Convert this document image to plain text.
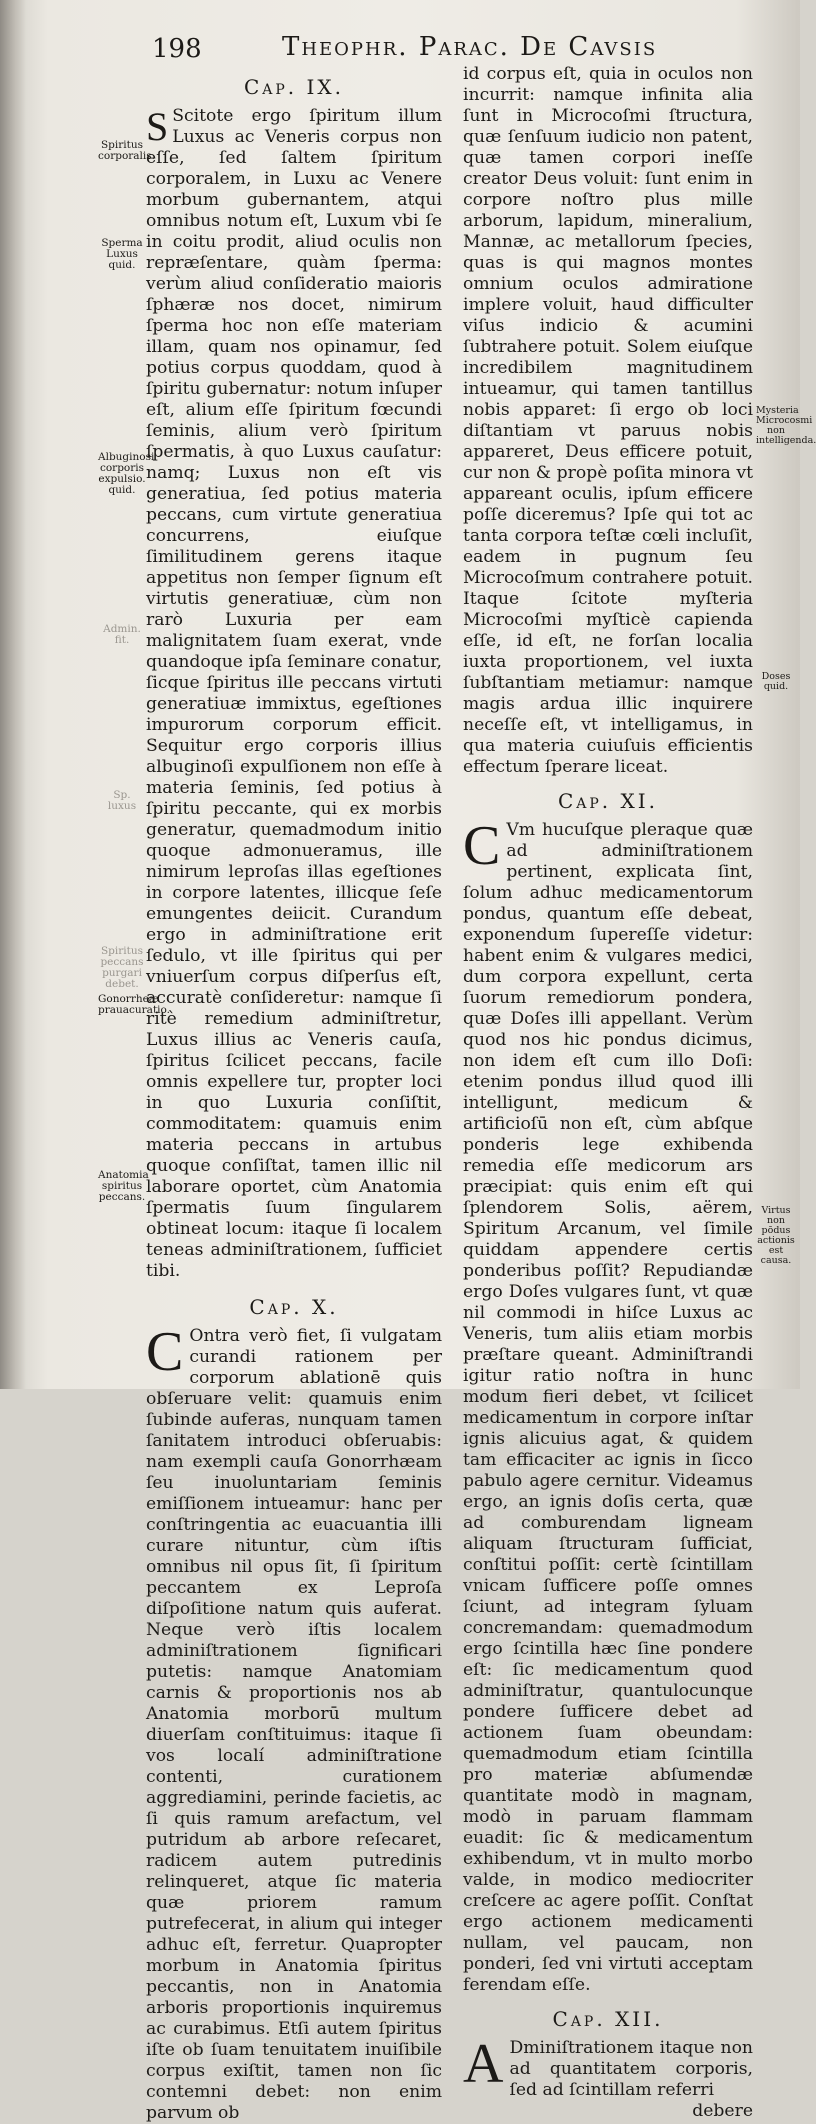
198	Theophr. Parac. De Cavsis
Spiritus corporalis.
Sperma Luxus quid.
Albuginosi corporis expulsio. quid.
Admin. fit.
Sp. luxus
Spiritus peccans purgari debet.
Gonorrheæ prauacuratio.
Anatomia spiritus peccans.
Mysteria Microcosmi non intelligenda.
Doses quid.
Virtus non pōdus actionis est causa.
Cap. IX.

S Scitote ergo ſpiritum illum Luxus ac Veneris corpus non eſſe, ſed ſaltem ſpiritum corporalem, in Luxu ac Venere morbum gubernantem, atqui omnibus notum eſt, Luxum vbi ſe in coitu prodit, aliud oculis non repræſentare, quàm ſperma: verùm aliud conſideratio maioris ſphæræ nos docet, nimirum ſperma hoc non eſſe materiam illam, quam nos opinamur, ſed potius corpus quoddam, quod à ſpiritu gubernatur: notum inſuper eſt, alium eſſe ſpiritum fœcundi ſeminis, alium verò ſpiritum ſpermatis, à quo Luxus cauſatur: namq; Luxus non eſt vis generatiua, ſed potius materia peccans, cum virtute generatiua concurrens, eiuſque ſimilitudinem gerens itaque appetitus non ſemper ſignum eſt virtutis generatiuæ, cùm non rarò Luxuria per eam malignitatem ſuam exerat, vnde quandoque ipſa ſeminare conatur, ſicque ſpiritus ille peccans virtuti generatiuæ immixtus, egeſtiones impurorum corporum efficit. Sequitur ergo corporis illius albuginoſi expulſionem non eſſe à materia ſeminis, ſed potius à ſpiritu peccante, qui ex morbis generatur, quemadmodum initio quoque admonueramus, ille nimirum leproſas illas egeſtiones in corpore latentes, illicque ſeſe emungentes deiicit. Curandum ergo in adminiſtratione erit ſedulo, vt ille ſpiritus qui per vniuerſum corpus diſperſus eſt, accuratè conſideretur: namque ſi ritè remedium adminiſtretur, Luxus illius ac Veneris cauſa, ſpiritus ſcilicet peccans, facile omnis expellere tur, propter loci in quo Luxuria conſiſtit, commoditatem: quamuis enim materia peccans in artubus quoque conſiſtat, tamen illic nil laborare oportet, cùm Anatomia ſpermatis ſuum ſingularem obtineat locum: itaque ſi localem teneas adminiſtrationem, ſufficiet tibi.

Cap. X.

C Ontra verò fiet, ſi vulgatam curandi rationem per corporum ablationē quis obſeruare velit: quamuis enim ſubinde auferas, nunquam tamen ſanitatem introduci obſeruabis: nam exempli cauſa Gonorrhæam ſeu inuoluntariam ſeminis emiſſionem intueamur: hanc per conſtringentia ac euacuantia illi curare nituntur, cùm iſtis omnibus nil opus ſit, ſi ſpiritum peccantem ex Leproſa diſpoſitione natum quis auferat. Neque verò iſtis localem adminiſtrationem ſignificari putetis: namque Anatomiam carnis & proportionis nos ab Anatomia morborū multum diuerſam conſtituimus: itaque ſi vos localí adminiſtratione contenti, curationem aggrediamini, perinde facietis, ac ſi quis ramum arefactum, vel putridum ab arbore reſecaret, radicem autem putredinis relinqueret, atque ſic materia quæ priorem ramum putrefecerat, in alium qui integer adhuc eſt, ferretur. Quapropter morbum in Anatomia ſpiritus peccantis, non in Anatomia arboris proportionis inquiremus ac curabimus. Etſi autem ſpiritus iſte ob ſuam tenuitatem inuiſibile corpus exiſtit, tamen non ſic contemni debet: non enim parvum ob

id corpus eſt, quia in oculos non incurrit: namque infinita alia ſunt in Microcoſmi ſtructura, quæ ſenſuum iudicio non patent, quæ tamen corpori ineſſe creator Deus voluit: ſunt enim in corpore noſtro plus mille arborum, lapidum, mineralium, Mannæ, ac metallorum ſpecies, quas is qui magnos montes omnium oculos admiratione implere voluit, haud difficulter viſus indicio & acumini ſubtrahere potuit. Solem eiuſque incredibilem magnitudinem intueamur, qui tamen tantillus nobis apparet: ſi ergo ob loci diſtantiam vt paruus nobis appareret, Deus efficere potuit, cur non & propè poſita minora vt appareant oculis, ipſum efficere poſſe diceremus? Ipſe qui tot ac tanta corpora teſtæ cœli incluſit, eadem in pugnum ſeu Microcoſmum contrahere potuit. Itaque ſcitote myſteria Microcoſmi myſticè capienda eſſe, id eſt, ne forſan localia iuxta proportionem, vel iuxta ſubſtantiam metiamur: namque magis ardua illic inquirere neceſſe eſt, vt intelligamus, in qua materia cuiuſuis efficientis effectum ſperare liceat.

Cap. XI.

C Vm hucuſque pleraque quæ ad adminiſtrationem pertinent, explicata ſint, ſolum adhuc medicamentorum pondus, quantum eſſe debeat, exponendum ſupereſſe videtur: habent enim & vulgares medici, dum corpora expellunt, certa ſuorum remediorum pondera, quæ Doſes illi appellant. Verùm quod nos hic pondus dicimus, non idem eſt cum illo Doſi: etenim pondus illud quod illi intelligunt, medicum & artificioſū non eſt, cùm abſque ponderis lege exhibenda remedia eſſe medicorum ars præcipiat: quis enim eſt qui ſplendorem Solis, aërem, Spiritum Arcanum, vel ſimile quiddam appendere certis ponderibus poſſit? Repudiandæ ergo Doſes vulgares ſunt, vt quæ nil commodi in hiſce Luxus ac Veneris, tum aliis etiam morbis præſtare queant. Adminiſtrandi igitur ratio noſtra in hunc modum fieri debet, vt ſcilicet medicamentum in corpore inſtar ignis alicuius agat, & quidem tam efficaciter ac ignis in ſicco pabulo agere cernitur. Videamus ergo, an ignis doſis certa, quæ ad comburendam ligneam aliquam ſtructuram ſufficiat, conſtitui poſſit: certè ſcintillam vnicam ſufficere poſſe omnes ſciunt, ad integram ſyluam concremandam: quemadmodum ergo ſcintilla hæc ſine pondere eſt: ſic medicamentum quod adminiſtratur, quantulocunque pondere ſufficere debet ad actionem ſuam obeundam: quemadmodum etiam ſcintilla pro materiæ abſumendæ quantitate modò in magnam, modò in paruam flammam euadit: ſic & medicamentum exhibendum, vt in multo morbo valde, in modico mediocriter creſcere ac agere poſſit. Conſtat ergo actionem medicamenti nullam, vel paucam, non ponderi, ſed vni virtuti acceptam ferendam eſſe.

Cap. XII.

A Dminiſtrationem itaque non ad quantitatem corporis, ſed ad ſcintillam referri

debere
